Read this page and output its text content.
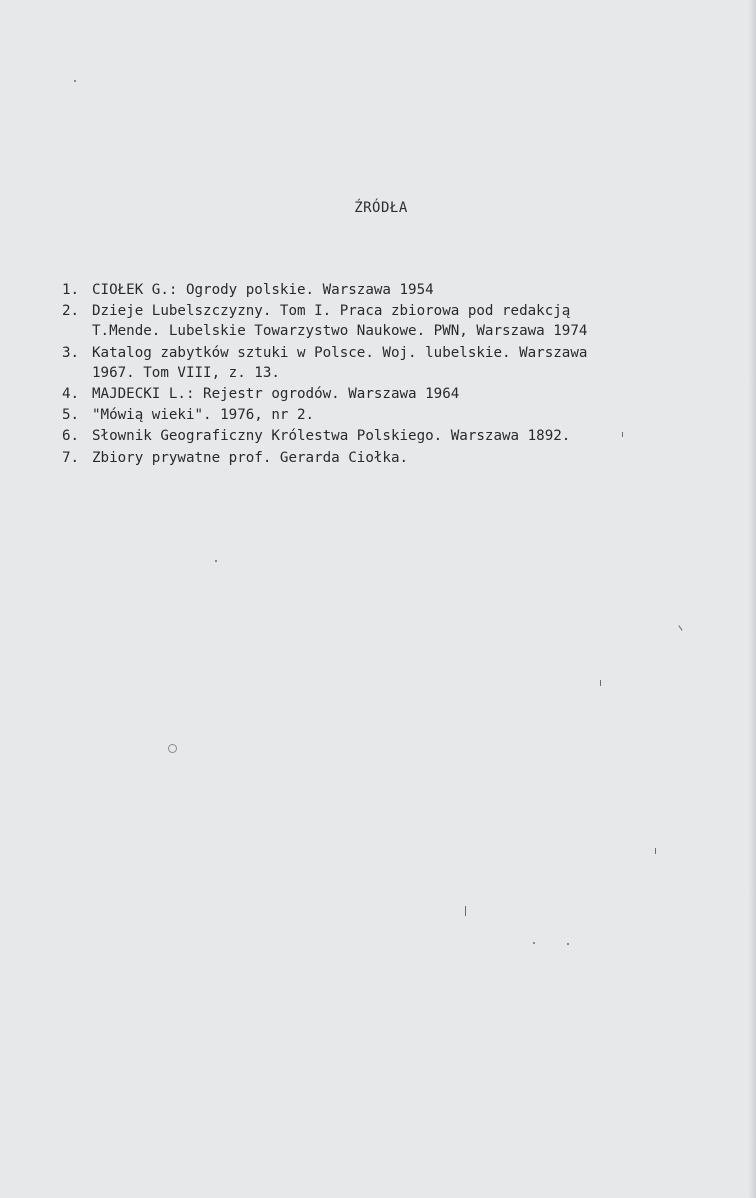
ŹRÓDŁA
1. CIOŁEK G.: Ogrody polskie. Warszawa 1954
2. Dzieje Lubelszczyzny. Tom I. Praca zbiorowa pod redakcją
T.Mende. Lubelskie Towarzystwo Naukowe. PWN, Warszawa 1974
3. Katalog zabytków sztuki w Polsce. Woj. lubelskie. Warszawa
1967. Tom VIII, z. 13.
4. MAJDECKI L.: Rejestr ogrodów. Warszawa 1964
5. "Mówią wieki". 1976, nr 2.
6. Słownik Geograficzny Królestwa Polskiego. Warszawa 1892.
7. Zbiory prywatne prof. Gerarda Ciołka.
